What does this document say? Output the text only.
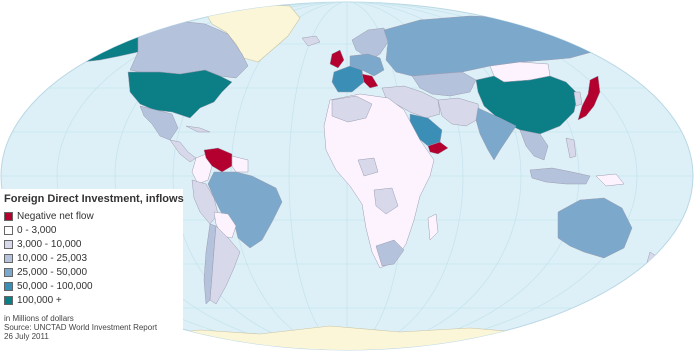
Foreign Direct Investment, inflows
Negative net flow
0 - 3,000
3,000 - 10,000
10,000 - 25,003
25,000 - 50,000
50,000 - 100,000
100,000 +
in Millions of dollars
Source: UNCTAD World Investment Report
26 July 2011
